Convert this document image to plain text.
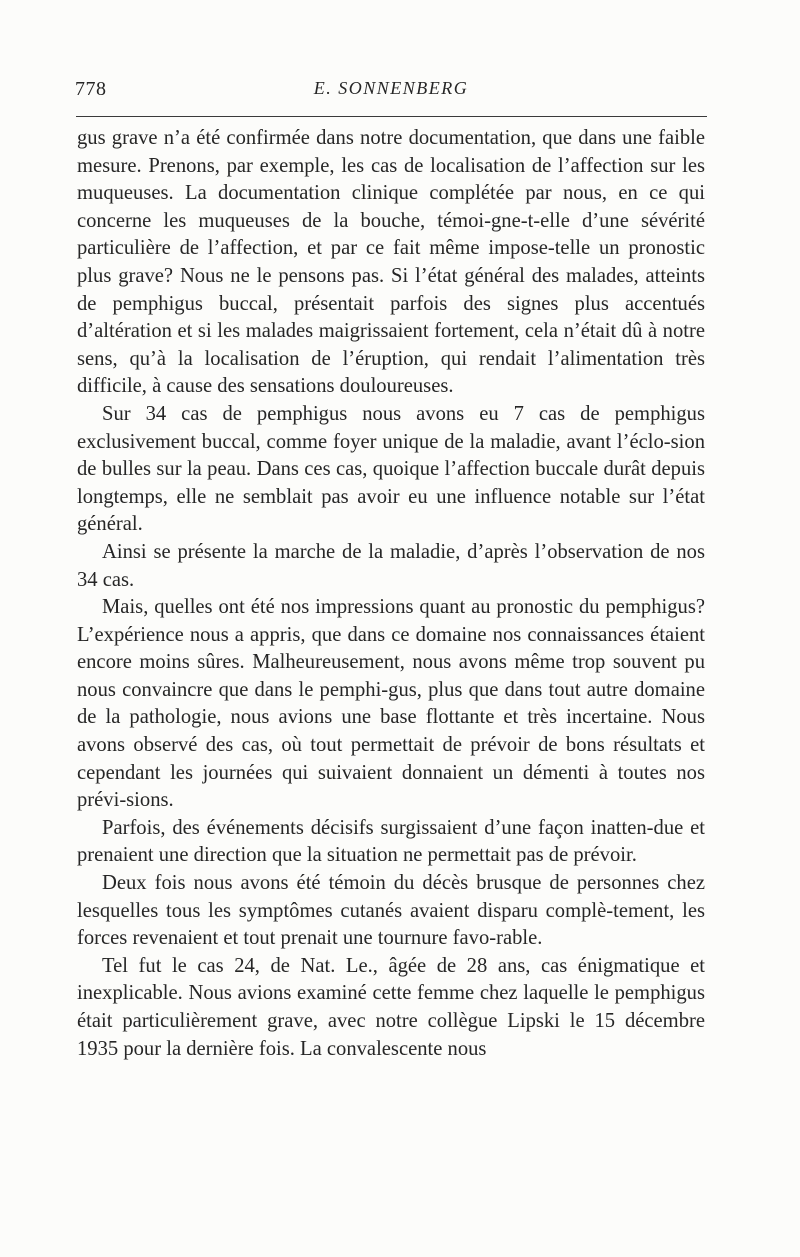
778	E. SONNENBERG

gus grave n’a été confirmée dans notre documentation, que dans une faible mesure. Prenons, par exemple, les cas de localisation de l’affection sur les muqueuses. La documentation clinique complétée par nous, en ce qui concerne les muqueuses de la bouche, témoi-gne-t-elle d’une sévérité particulière de l’affection, et par ce fait même impose-telle un pronostic plus grave? Nous ne le pensons pas. Si l’état général des malades, atteints de pemphigus buccal, présentait parfois des signes plus accentués d’altération et si les malades maigrissaient fortement, cela n’était dû à notre sens, qu’à la localisation de l’éruption, qui rendait l’alimentation très difficile, à cause des sensations douloureuses.

Sur 34 cas de pemphigus nous avons eu 7 cas de pemphigus exclusivement buccal, comme foyer unique de la maladie, avant l’éclo-sion de bulles sur la peau. Dans ces cas, quoique l’affection buccale durât depuis longtemps, elle ne semblait pas avoir eu une influence notable sur l’état général.

Ainsi se présente la marche de la maladie, d’après l’observation de nos 34 cas.

Mais, quelles ont été nos impressions quant au pronostic du pemphigus? L’expérience nous a appris, que dans ce domaine nos connaissances étaient encore moins sûres. Malheureusement, nous avons même trop souvent pu nous convaincre que dans le pemphi-gus, plus que dans tout autre domaine de la pathologie, nous avions une base flottante et très incertaine. Nous avons observé des cas, où tout permettait de prévoir de bons résultats et cependant les journées qui suivaient donnaient un démenti à toutes nos prévi-sions.

Parfois, des événements décisifs surgissaient d’une façon inatten-due et prenaient une direction que la situation ne permettait pas de prévoir.

Deux fois nous avons été témoin du décès brusque de personnes chez lesquelles tous les symptômes cutanés avaient disparu complè-tement, les forces revenaient et tout prenait une tournure favo-rable.

Tel fut le cas 24, de Nat. Le., âgée de 28 ans, cas énigmatique et inexplicable. Nous avions examiné cette femme chez laquelle le pemphigus était particulièrement grave, avec notre collègue Lipski le 15 décembre 1935 pour la dernière fois. La convalescente nous
